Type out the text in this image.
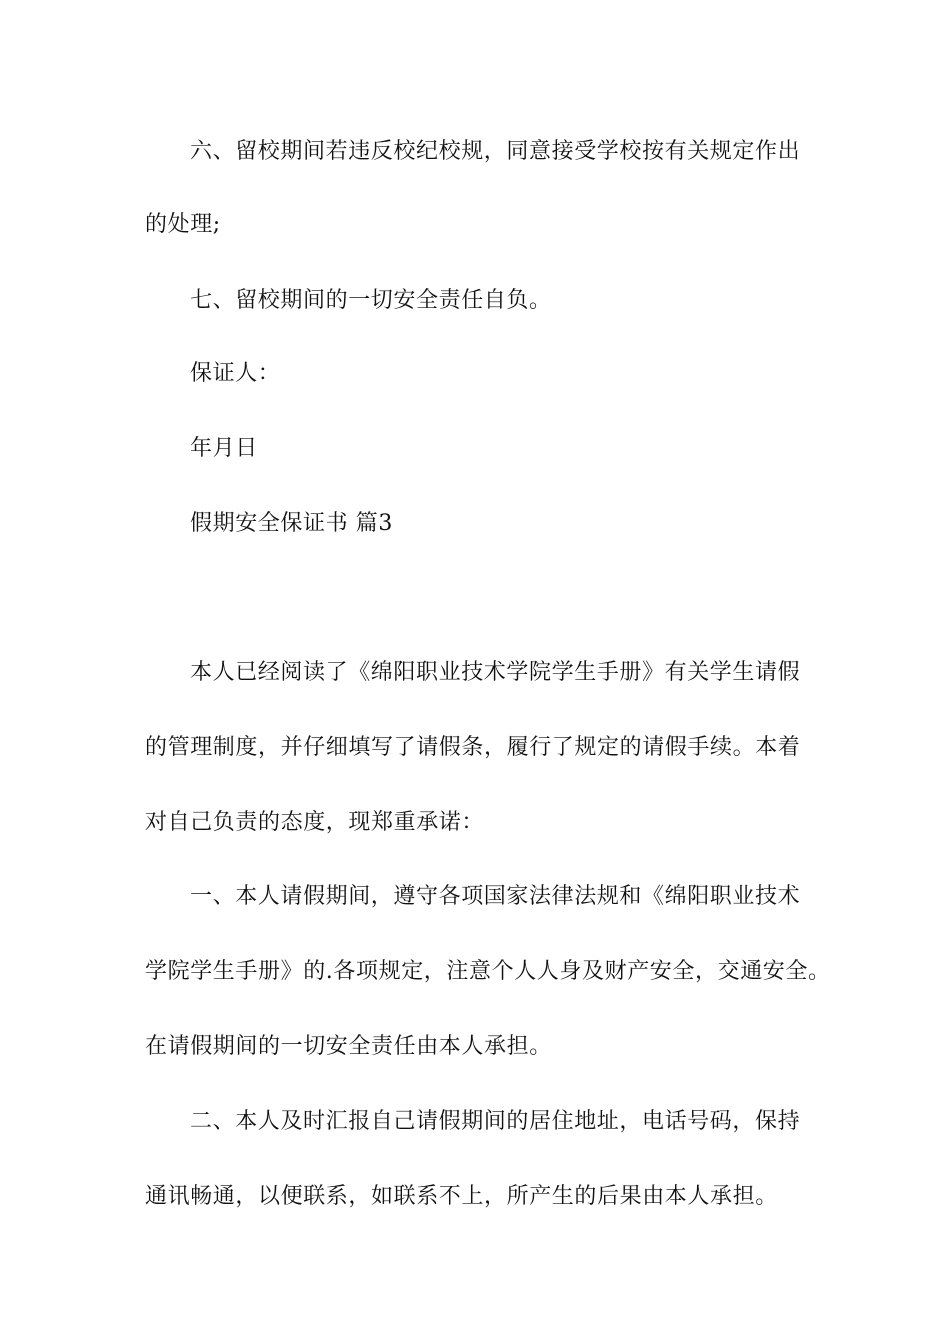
六、留校期间若违反校纪校规，同意接受学校按有关规定作出
的处理;
七、留校期间的一切安全责任自负。
保证人：
年月日
假期安全保证书 篇3
本人已经阅读了《绵阳职业技术学院学生手册》有关学生请假
的管理制度，并仔细填写了请假条，履行了规定的请假手续。本着
对自己负责的态度，现郑重承诺：
一、本人请假期间，遵守各项国家法律法规和《绵阳职业技术
学院学生手册》的.各项规定，注意个人人身及财产安全，交通安全。
在请假期间的一切安全责任由本人承担。
二、本人及时汇报自己请假期间的居住地址，电话号码，保持
通讯畅通，以便联系，如联系不上，所产生的后果由本人承担。
